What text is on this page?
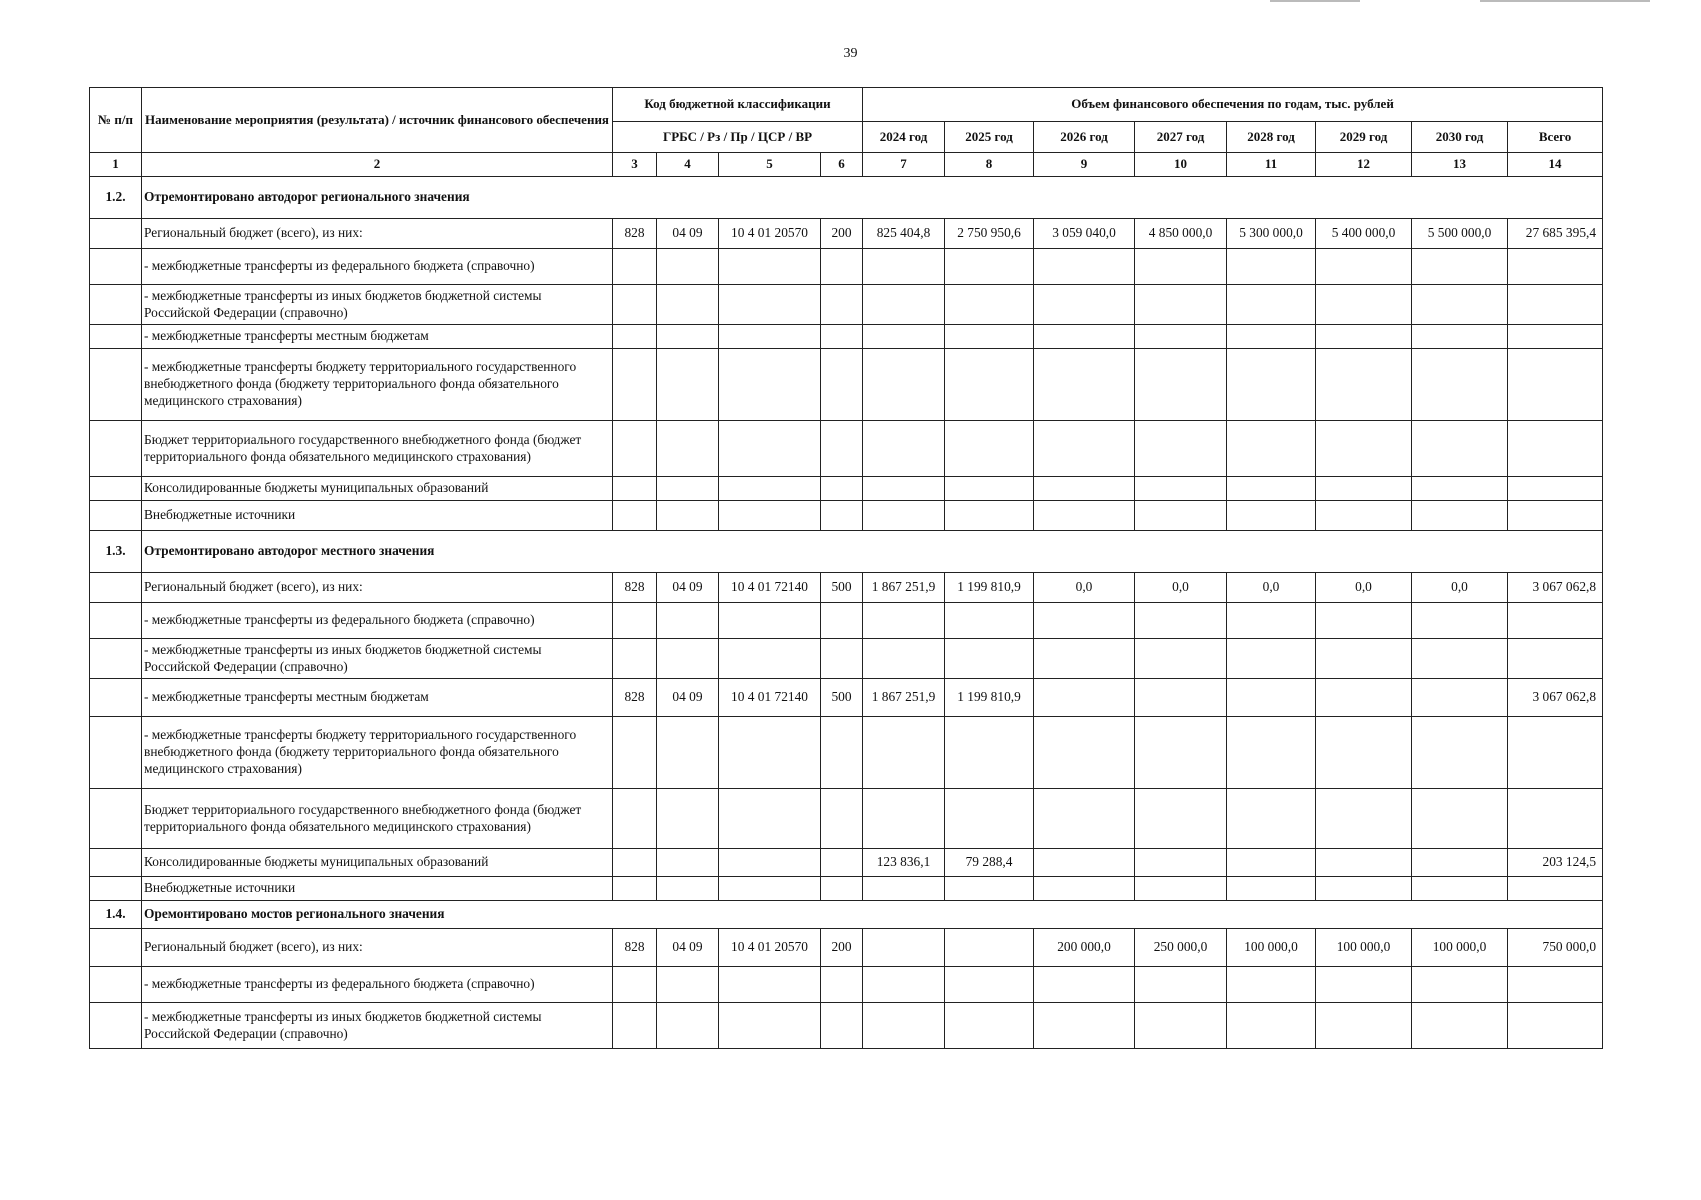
39
№ п/п	Наименование мероприятия (результата) / источник финансового обеспечения	Код бюджетной классификации				Объем финансового обеспечения по годам, тыс. рублей							
		ГРБС / Рз / Пр / ЦСР / ВР				2024 год	2025 год	2026 год	2027 год	2028 год	2029 год	2030 год	Всего
1	2	3	4	5	6	7	8	9	10	11	12	13	14
1.2.	Отремонтировано автодорог регионального значения												
	Региональный бюджет (всего), из них:	828	04 09	10 4 01 20570	200	825 404,8	2 750 950,6	3 059 040,0	4 850 000,0	5 300 000,0	5 400 000,0	5 500 000,0	27 685 395,4
	- межбюджетные трансферты из федерального бюджета (справочно)												
	- межбюджетные трансферты из иных бюджетов бюджетной системы Российской Федерации (справочно)												
	- межбюджетные трансферты местным бюджетам												
	- межбюджетные трансферты бюджету территориального государственного внебюджетного фонда (бюджету территориального фонда обязательного медицинского страхования)												
	Бюджет территориального государственного внебюджетного фонда (бюджет территориального фонда обязательного медицинского страхования)												
	Консолидированные бюджеты муниципальных образований												
	Внебюджетные источники												
1.3.	Отремонтировано автодорог местного значения												
	Региональный бюджет (всего), из них:	828	04 09	10 4 01 72140	500	1 867 251,9	1 199 810,9	0,0	0,0	0,0	0,0	0,0	3 067 062,8
	- межбюджетные трансферты из федерального бюджета (справочно)												
	- межбюджетные трансферты из иных бюджетов бюджетной системы Российской Федерации (справочно)												
	- межбюджетные трансферты местным бюджетам	828	04 09	10 4 01 72140	500	1 867 251,9	1 199 810,9						3 067 062,8
	- межбюджетные трансферты бюджету территориального государственного внебюджетного фонда (бюджету территориального фонда обязательного медицинского страхования)												
	Бюджет территориального государственного внебюджетного фонда (бюджет территориального фонда обязательного медицинского страхования)												
	Консолидированные бюджеты муниципальных образований					123 836,1	79 288,4						203 124,5
	Внебюджетные источники												
1.4.	Оремонтировано мостов регионального значения												
	Региональный бюджет (всего), из них:	828	04 09	10 4 01 20570	200			200 000,0	250 000,0	100 000,0	100 000,0	100 000,0	750 000,0
	- межбюджетные трансферты из федерального бюджета (справочно)												
	- межбюджетные трансферты из иных бюджетов бюджетной системы Российской Федерации (справочно)												
